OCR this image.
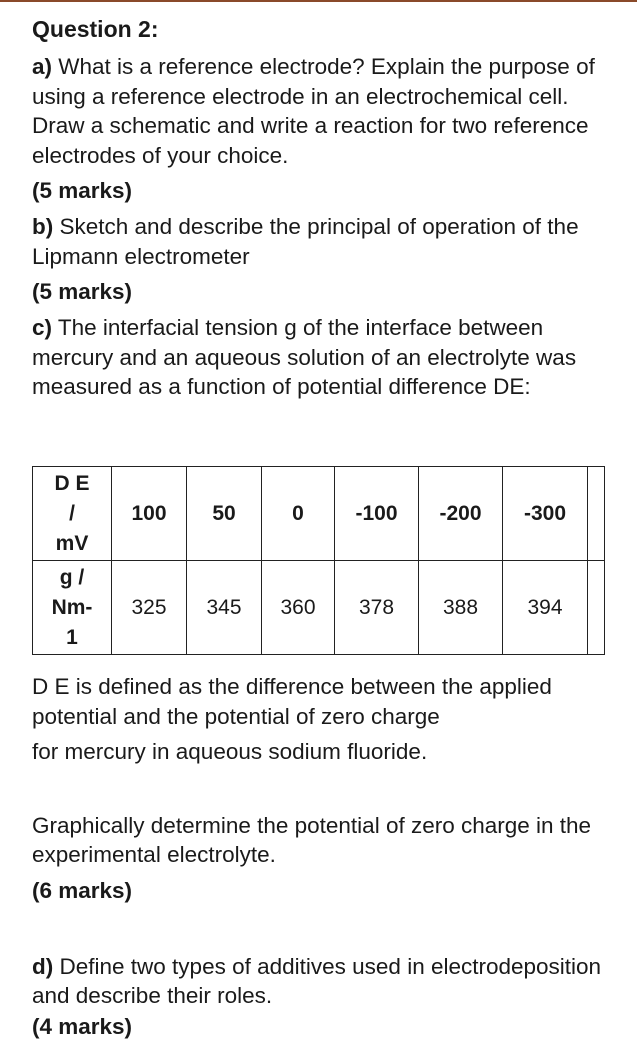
Question 2:

a) What is a reference electrode? Explain the purpose of using a reference electrode in an electrochemical cell. Draw a schematic and write a reaction for two reference electrodes of your choice.

(5 marks)

b) Sketch and describe the principal of operation of the Lipmann electrometer

(5 marks)

c) The interfacial tension g of the interface between mercury and an aqueous solution of an electrolyte was measured as a function of potential difference DE:

D E
/
mV	100	50	0	-100	-200	-300	

g /
Nm-
1	325	345	360	378	388	394	

D E is defined as the difference between the applied potential and the potential of zero charge

for mercury in aqueous sodium fluoride.

Graphically determine the potential of zero charge in the experimental electrolyte.

(6 marks)

d) Define two types of additives used in electrodeposition and describe their roles.

(4 marks)
